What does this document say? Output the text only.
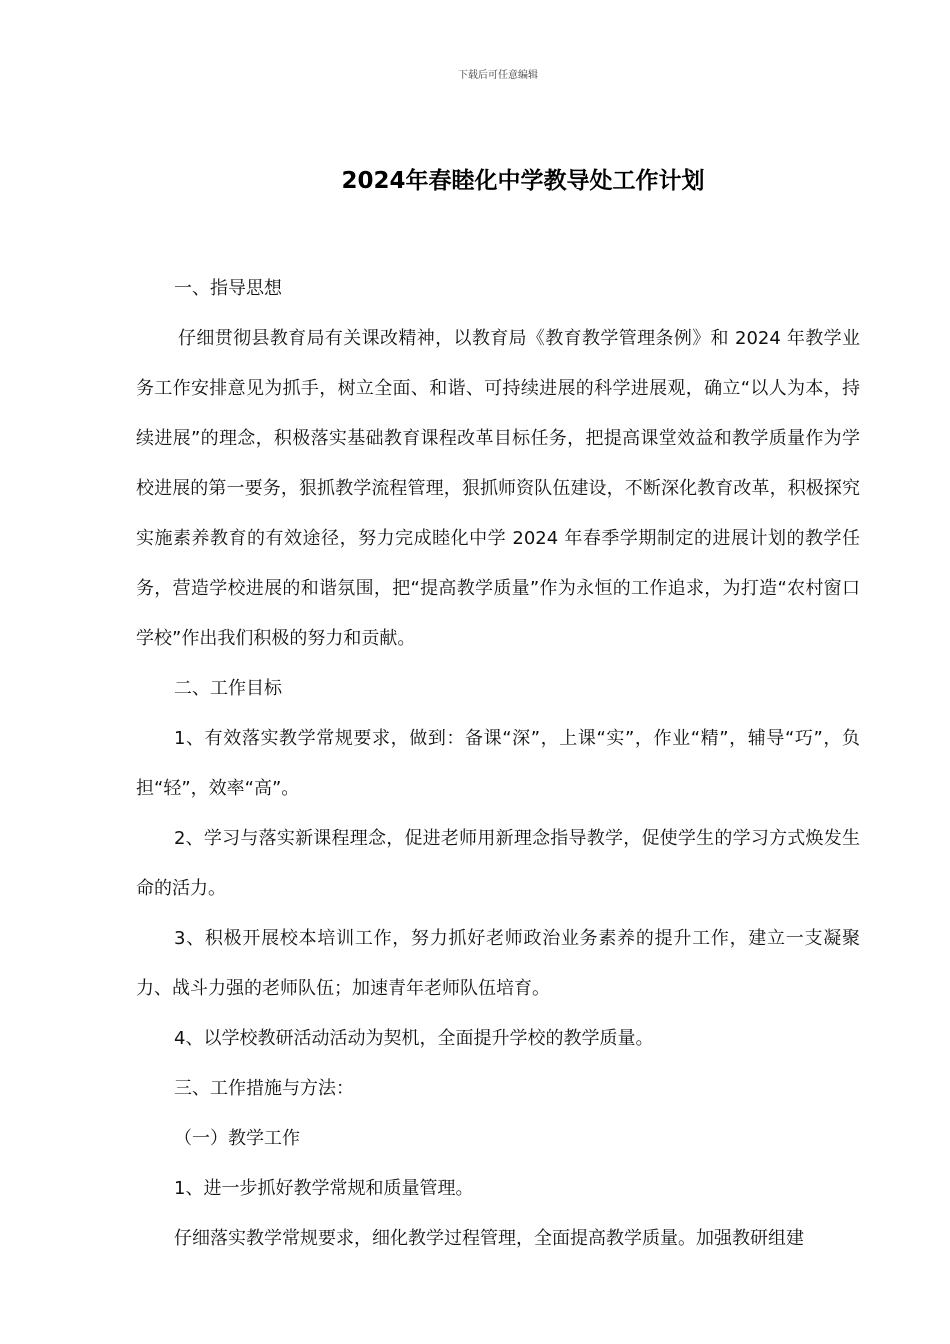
下载后可任意编辑
2024年春睦化中学教导处工作计划

一、指导思想

仔细贯彻县教育局有关课改精神，以教育局《教育教学管理条例》和 2024 年教学业务工作安排意见为抓手，树立全面、和谐、可持续进展的科学进展观，确立“以人为本，持续进展”的理念，积极落实基础教育课程改革目标任务，把提高课堂效益和教学质量作为学校进展的第一要务，狠抓教学流程管理，狠抓师资队伍建设，不断深化教育改革，积极探究实施素养教育的有效途径，努力完成睦化中学 2024 年春季学期制定的进展计划的教学任务，营造学校进展的和谐氛围，把“提高教学质量”作为永恒的工作追求，为打造“农村窗口学校”作出我们积极的努力和贡献。

二、工作目标

1、有效落实教学常规要求，做到：备课“深”，上课“实”，作业“精”，辅导“巧”，负担“轻”，效率“高”。

2、学习与落实新课程理念，促进老师用新理念指导教学，促使学生的学习方式焕发生命的活力。

3、积极开展校本培训工作，努力抓好老师政治业务素养的提升工作，建立一支凝聚力、战斗力强的老师队伍；加速青年老师队伍培育。

4、以学校教研活动活动为契机，全面提升学校的教学质量。

三、工作措施与方法：

（一）教学工作

1、进一步抓好教学常规和质量管理。

仔细落实教学常规要求，细化教学过程管理，全面提高教学质量。加强教研组建
